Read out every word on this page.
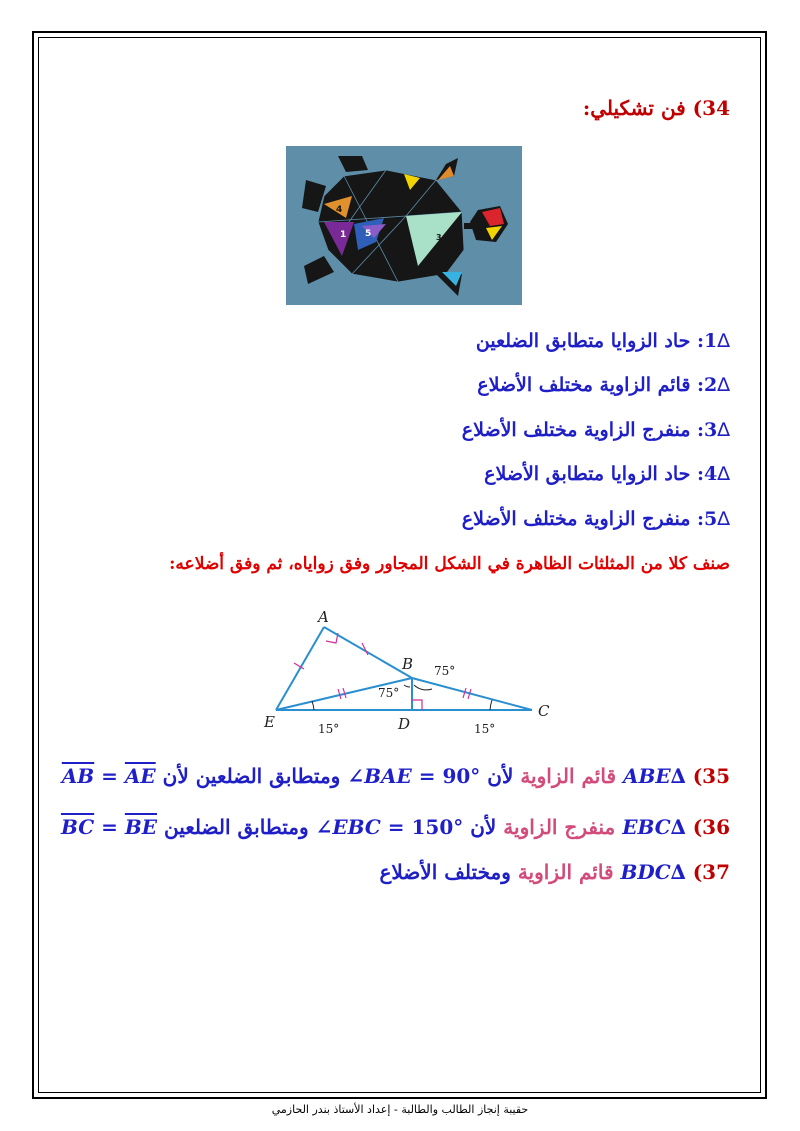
34) فن تشكيلي:
4
1 5	3	2
∆1: حاد الزوايا متطابق الضلعين
∆2: قائم الزاوية مختلف الأضلاع
∆3: منفرج الزاوية مختلف الأضلاع
∆4: حاد الزوايا متطابق الأضلاع
∆5: منفرج الزاوية مختلف الأضلاع
صنف كلا من المثلثات الظاهرة في الشكل المجاور وفق زواياه، ثم وفق أضلاعه:
A
B
C
D
E
75°
75°
15°	15°
35) ∆ABE قائم الزاوية لأن ∠BAE = 90° ومتطابق الضلعين لأن $\overline{AB} = \overline{AE}$
36) ∆EBC منفرج الزاوية لأن ∠EBC = 150° ومتطابق الضلعين $\overline{BC} = \overline{BE}$
37) ∆BDC قائم الزاوية ومختلف الأضلاع
حقيبة إنجاز الطالب والطالبة - إعداد الأستاذ بندر الحازمي
